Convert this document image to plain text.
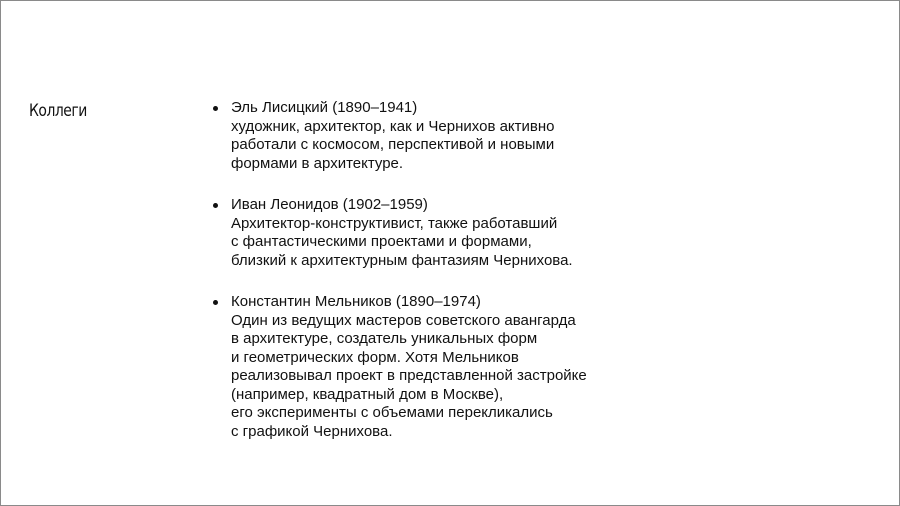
Коллеги	Эль Лисицкий (1890–1941)
художник, архитектор, как и Чернихов активно
работали с космосом, перспективой и новыми
формами в архитектуре.
Иван Леонидов (1902–1959)
Архитектор-конструктивист, также работавший
с фантастическими проектами и формами,
близкий к архитектурным фантазиям Чернихова.
Константин Мельников (1890–1974)
Один из ведущих мастеров советского авангарда
в архитектуре, создатель уникальных форм
и геометрических форм. Хотя Мельников
реализовывал проект в представленной застройке
(например, квадратный дом в Москве),
его эксперименты с объемами перекликались
с графикой Чернихова.
